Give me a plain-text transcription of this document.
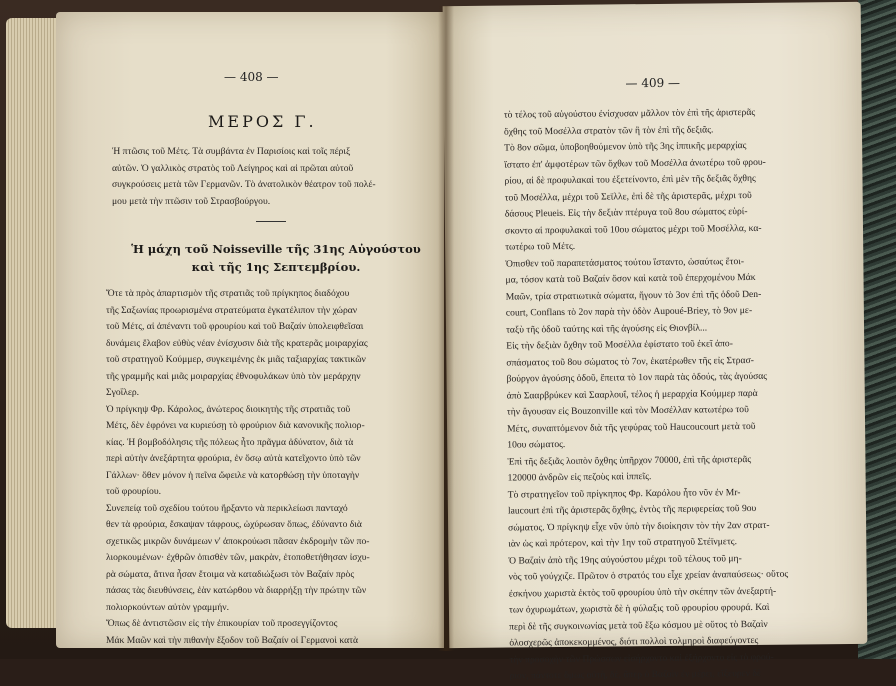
— 408 —
ΜΕΡΟΣ Γ.
Ἡ πτῶσις τοῦ Μέτς. Τὰ συμβάντα ἐν Παρισίοις καὶ τοῖς πέριξ
αὐτῶν. Ὁ γαλλικὸς στρατὸς τοῦ Λείγηρος καὶ αἱ πρῶται αὐτοῦ
συγκρούσεις μετὰ τῶν Γερμανῶν. Τὸ ἀνατολικὸν θέατρον τοῦ πολέ-
μου μετὰ τὴν πτῶσιν τοῦ Στρασβούργου.
Ἡ μάχη τοῦ Noisseville τῆς 31ης Αὐγούστου
καὶ τῆς 1ης Σεπτεμβρίου.
Ὅτε τὰ πρὸς ἀπαρτισμὸν τῆς στρατιᾶς τοῦ πρίγκηπος διαδόχου
τῆς Σαξωνίας προωρισμένα στρατεύματα ἐγκατέλιπον τὴν χώραν
τοῦ Μέτς, αἱ ἀπέναντι τοῦ φρουρίου καὶ τοῦ Βαζαίν ὑπολειφθεῖσαι
δυνάμεις ἔλαβον εὐθὺς νέαν ἐνίσχυσιν διὰ τῆς κρατερᾶς μοιραρχίας
τοῦ στρατηγοῦ Κούμμερ, συγκειμένης ἐκ μιᾶς ταξιαρχίας τακτικῶν
τῆς γραμμῆς καὶ μιᾶς μοιραρχίας ἐθνοφυλάκων ὑπὸ τὸν μεράρχην
Σγοΐλερ.
Ὁ πρίγκηψ Φρ. Κάρολος, ἀνώτερος διοικητὴς τῆς στρατιᾶς τοῦ
Μέτς, δὲν ἐφρόνει να κυριεύσῃ τὸ φρούριον διὰ κανονικῆς πολιορ-
κίας. Ἡ βομβοδόλησις τῆς πόλεως ἦτο πρᾶγμα ἀδύνατον, διὰ τὰ
περὶ αὐτὴν ἀνεξάρτητα φρούρια, ἐν ὅσῳ αὐτὰ κατεῖχοντο ὑπὸ τῶν
Γάλλων· ὅθεν μόνον ἡ πεῖνα ὤφειλε νὰ κατορθώσῃ τὴν ὑποταγὴν
τοῦ φρουρίου.
Συνεπείᾳ τοῦ σχεδίου τούτου ἤρξαντο νὰ περικλείωσι πανταχό
θεν τὰ φρούρια, ἔσκαψαν τάφρους, ὠχύρωσαν ὅπως, ἐδύναντο διὰ
σχετικῶς μικρῶν δυνάμεων ν' ἀποκρούωσι πᾶσαν ἐκδρομὴν τῶν πο-
λιορκουμένων· ἐχθρῶν ὀπισθὲν τῶν, μακρὰν, ἐτοποθετήθησαν ἰσχυ-
ρὰ σώματα, ἅτινα ἦσαν ἕτοιμα νὰ καταδιώξωσι τὸν Βαζαίν πρὸς
πάσας τὰς διευθύνσεις, ἐὰν κατώρθου νὰ διαρρήξῃ τὴν πρώτην τῶν
πολιορκούντων αὐτὸν γραμμήν.
Ὅπως δὲ ἀντιστῶσιν εἰς τὴν ἐπικουρίαν τοῦ προσεγγίζοντος
Μάκ Μαῶν καὶ τὴν πιθανὴν ἔξοδον τοῦ Βαζαίν οἱ Γερμανοὶ κατὰ
— 409 —
τὸ τέλος τοῦ αὐγούστου ἐνίσχυσαν μᾶλλον τὸν ἐπὶ τῆς ἀριστερᾶς
ὄχθης τοῦ Μοσέλλα στρατὸν τῶν ἢ τὸν ἐπὶ τῆς δεξιᾶς.
Τὸ 8ον σῶμα, ὑποβοηθούμενον ὑπὸ τῆς 3ης ἱππικῆς μεραρχίας
ἵστατο ἐπ' ἀμφοτέρων τῶν ὄχθων τοῦ Μοσέλλα ἀνωτέρω τοῦ φρου-
ρίου, αἱ δὲ προφυλακαὶ του ἐξετείνοντο, ἐπὶ μὲν τῆς δεξιᾶς ὄχθης
τοῦ Μοσέλλα, μέχρι τοῦ Σεϊλλε, ἐπὶ δὲ τῆς ἀριστερᾶς, μέχρι τοῦ
δάσους Pleueis. Εἰς τὴν δεξιὰν πτέρυγα τοῦ 8ου σώματος εὑρί-
σκοντο αἱ προφυλακαὶ τοῦ 10ου σώματος μέχρι τοῦ Μοσέλλα, κα-
τωτέρω τοῦ Μέτς.
Ὀπισθεν τοῦ παραπετάσματος τούτου ἵσταντο, ὡσαύτως ἕτοι-
μα, τόσον κατὰ τοῦ Βαζαίν ὅσον καὶ κατὰ τοῦ ἐπερχομένου Μάκ
Μαῶν, τρία στρατιωτικὰ σώματα, ἤγουν τὸ 3ον ἐπὶ τῆς ὁδοῦ Den-
court, Conflans τὸ 2ον παρὰ τὴν ὁδὸν Aupoué-Briey, τὸ 9ον με-
ταξὺ τῆς ὁδοῦ ταύτης καὶ τῆς ἀγούσης εἰς Θιονβίλ...
Εἰς τὴν δεξιὰν ὄχθην τοῦ Μοσέλλα ἐφίστατο τοῦ ἐκεῖ ἀπο-
σπάσματος τοῦ 8ου σώματος τὸ 7ον, ἑκατέρωθεν τῆς εἰς Στρασ-
βούργον ἀγούσης ὁδοῦ, ἔπειτα τὸ 1ον παρὰ τὰς ὁδούς, τὰς ἀγούσας
ἀπὸ Σααρβρύκεν καὶ Σααρλουΐ, τέλος ἡ μεραρχία Κούμμερ παρὰ
τὴν ἄγουσαν εἰς Bouzonville καὶ τὸν Μοσέλλαν κατωτέρω τοῦ
Μέτς, συναπτόμενον διὰ τῆς γεφύρας τοῦ Haucoucourt μετὰ τοῦ
10ου σώματος.
Ἐπὶ τῆς δεξιᾶς λοιπὸν ὄχθης ὑπῆρχον 70000, ἐπὶ τῆς ἀριστερᾶς
120000 ἀνδρῶν εἰς πεζοὺς καὶ ἱππεῖς.
Τὸ στρατηγεῖον τοῦ πρίγκηπος Φρ. Καρόλου ἦτο νῦν ἐν Mr-
laucourt ἐπὶ τῆς ἀριστερᾶς ὄχθης, ἐντὸς τῆς περιφερείας τοῦ 9ου
σώματος. Ὁ πρίγκηψ εἶχε νῦν ὑπὸ τὴν διοίκησιν τὸν τὴν 2αν στρατ-
ιὰν ὡς καὶ πρότερον, καὶ τὴν 1ην τοῦ στρατηγοῦ Στέϊνμετς.
Ὁ Βαζαὶν ἀπὸ τῆς 19ης αὐγούστου μέχρι τοῦ τέλους τοῦ μη-
νὸς τοῦ γούγχιζε. Πρῶτον ὁ στρατός του εἶχε χρείαν ἀναπαύσεως· οὕτος
ἐσκήνου χωριστὰ ἐκτὸς τοῦ φρουρίου ὑπὸ τὴν σκέπην τῶν ἀνεξαρτή-
των ὀχυρωμάτων, χωριστὰ δὲ ἡ φύλαξις τοῦ φρουρίου φρουρά. Καὶ
περὶ δὲ τῆς συγκοινωνίας μετὰ τοῦ ἔξω κόσμου μὲ οὕτος τὸ Βαζαὶν
ὀλοσχερῶς ἀποκεκομμένος, διότι πολλοὶ τολμηροὶ διαφεύγοντες
τὴν προσοχὴν τῶν Πρώσσων εἰσήρχοντο καὶ ἐξήρχοντο εἰς τὸ φρού-
ριον, πάντοτε ὅμως αὐτὴ, δὲ, ἄπερ ὁ Βαζαὶν ἐν μέρει, εἴξευρεν δὲ
